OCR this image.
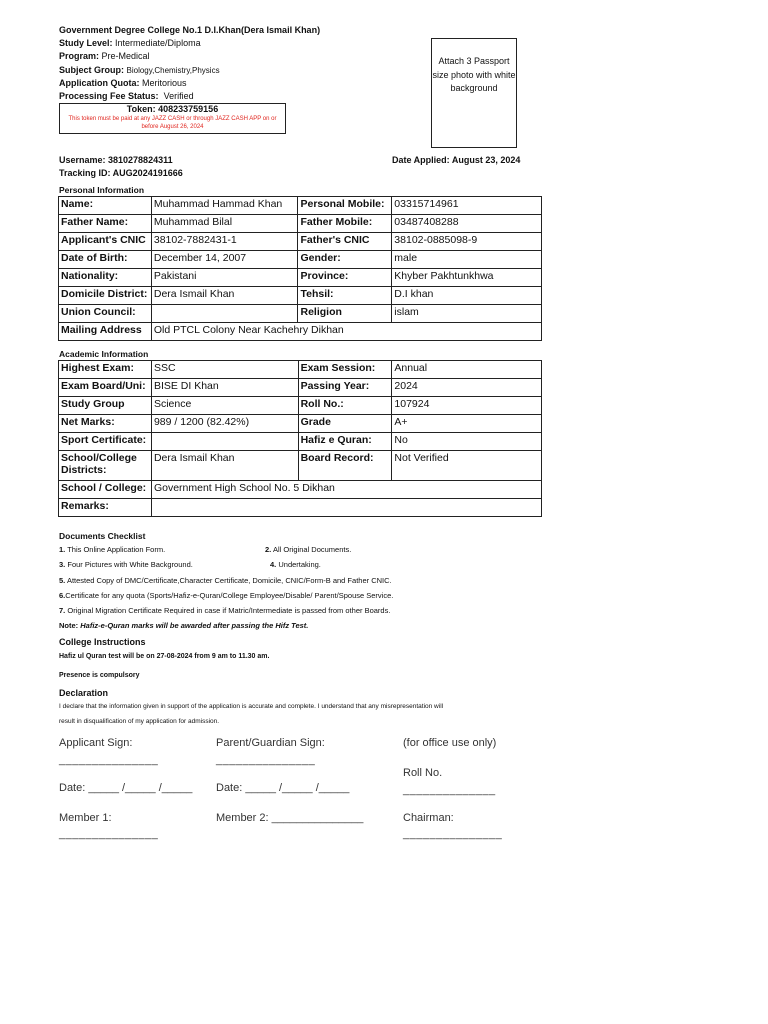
Government Degree College No.1 D.I.Khan(Dera Ismail Khan)
Study Level: Intermediate/Diploma
Program: Pre-Medical
Subject Group: Biology,Chemistry,Physics
Application Quota: Meritorious
Processing Fee Status: Verified
Token: 408233759156
This token must be paid at any JAZZ CASH or through JAZZ CASH APP on or before August 26, 2024
Attach 3 Passport size photo with white background
Username: 3810278824311
Tracking ID: AUG2024191666
Date Applied: August 23, 2024
Personal Information
Name:	Muhammad Hammad Khan	Personal Mobile:	03315714961
Father Name:	Muhammad Bilal	Father Mobile:	03487408288
Applicant's CNIC	38102-7882431-1	Father's CNIC	38102-0885098-9
Date of Birth:	December 14, 2007	Gender:	male
Nationality:	Pakistani	Province:	Khyber Pakhtunkhwa
Domicile District:	Dera Ismail Khan	Tehsil:	D.I khan
Union Council:		Religion	islam
Mailing Address	Old PTCL Colony Near Kachehry Dikhan		
Academic Information
Highest Exam:	SSC	Exam Session:	Annual
Exam Board/Uni:	BISE DI Khan	Passing Year:	2024
Study Group	Science	Roll No.:	107924
Net Marks:	989 / 1200 (82.42%)	Grade	A+
Sport Certificate:		Hafiz e Quran:	No
School/College Districts:	Dera Ismail Khan	Board Record:	Not Verified
School / College:	Government High School No. 5 Dikhan		
Remarks:			
Documents Checklist
1. This Online Application Form.	2. All Original Documents.
3. Four Pictures with White Background.	4. Undertaking.
5. Attested Copy of DMC/Certificate,Character Certificate, Domicile, CNIC/Form-B and Father CNIC.
6.Certificate for any quota (Sports/Hafiz-e-Quran/College Employee/Disable/ Parent/Spouse Service.
7. Original Migration Certificate Required in case if Matric/Intermediate is passed from other Boards.
Note: Hafiz-e-Quran marks will be awarded after passing the Hifz Test.
College Instructions
Hafiz ul Quran test will be on 27-08-2024 from 9 am to 11.30 am.
Presence is compulsory
Declaration
I declare that the information given in support of the application is accurate and complete. I understand that any misrepresentation will
result in disqualification of my application for admission.
Applicant Sign:
_______________
Parent/Guardian Sign:
_______________
(for office use only)
Roll No.
______________
Date: _____ /_____ /_____ Date: _____ /_____ /_____
Member 1:
_______________
Member 2: _______________	Chairman:
_______________
